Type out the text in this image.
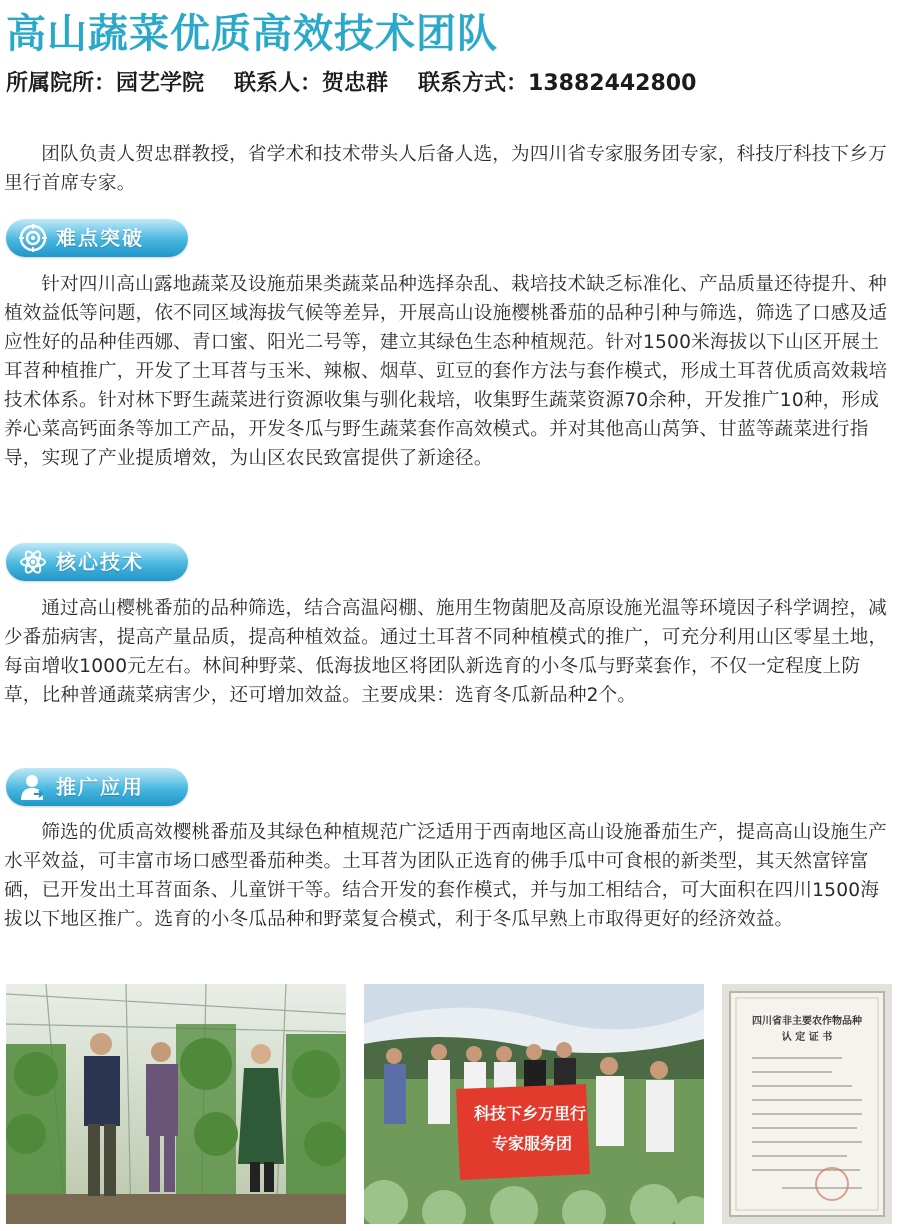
高山蔬菜优质高效技术团队
所属院所：园艺学院 联系人：贺忠群 联系方式：13882442800

团队负责人贺忠群教授，省学术和技术带头人后备人选，为四川省专家服务团专家，科技厅科技下乡万里行首席专家。

难点突破

针对四川高山露地蔬菜及设施茄果类蔬菜品种选择杂乱、栽培技术缺乏标准化、产品质量还待提升、种植效益低等问题，依不同区域海拔气候等差异，开展高山设施樱桃番茄的品种引种与筛选，筛选了口感及适应性好的品种佳西娜、青口蜜、阳光二号等，建立其绿色生态种植规范。针对1500米海拔以下山区开展土耳苕种植推广，开发了土耳苕与玉米、辣椒、烟草、豇豆的套作方法与套作模式，形成土耳苕优质高效栽培技术体系。针对林下野生蔬菜进行资源收集与驯化栽培，收集野生蔬菜资源70余种，开发推广10种，形成养心菜高钙面条等加工产品，开发冬瓜与野生蔬菜套作高效模式。并对其他高山莴笋、甘蓝等蔬菜进行指导，实现了产业提质增效，为山区农民致富提供了新途径。

核心技术

通过高山樱桃番茄的品种筛选，结合高温闷棚、施用生物菌肥及高原设施光温等环境因子科学调控，减少番茄病害，提高产量品质，提高种植效益。通过土耳苕不同种植模式的推广，可充分利用山区零星土地，每亩增收1000元左右。林间种野菜、低海拔地区将团队新选育的小冬瓜与野菜套作，不仅一定程度上防草，比种普通蔬菜病害少，还可增加效益。主要成果：选育冬瓜新品种2个。

推广应用

筛选的优质高效樱桃番茄及其绿色种植规范广泛适用于西南地区高山设施番茄生产，提高高山设施生产水平效益，可丰富市场口感型番茄种类。土耳苕为团队正选育的佛手瓜中可食根的新类型，其天然富锌富硒，已开发出土耳苕面条、儿童饼干等。结合开发的套作模式，并与加工相结合，可大面积在四川1500海拔以下地区推广。选育的小冬瓜品种和野菜复合模式，利于冬瓜早熟上市取得更好的经济效益。

科技下乡万里行
专家服务团
四川省非主要农作物品种
认 定 证 书
